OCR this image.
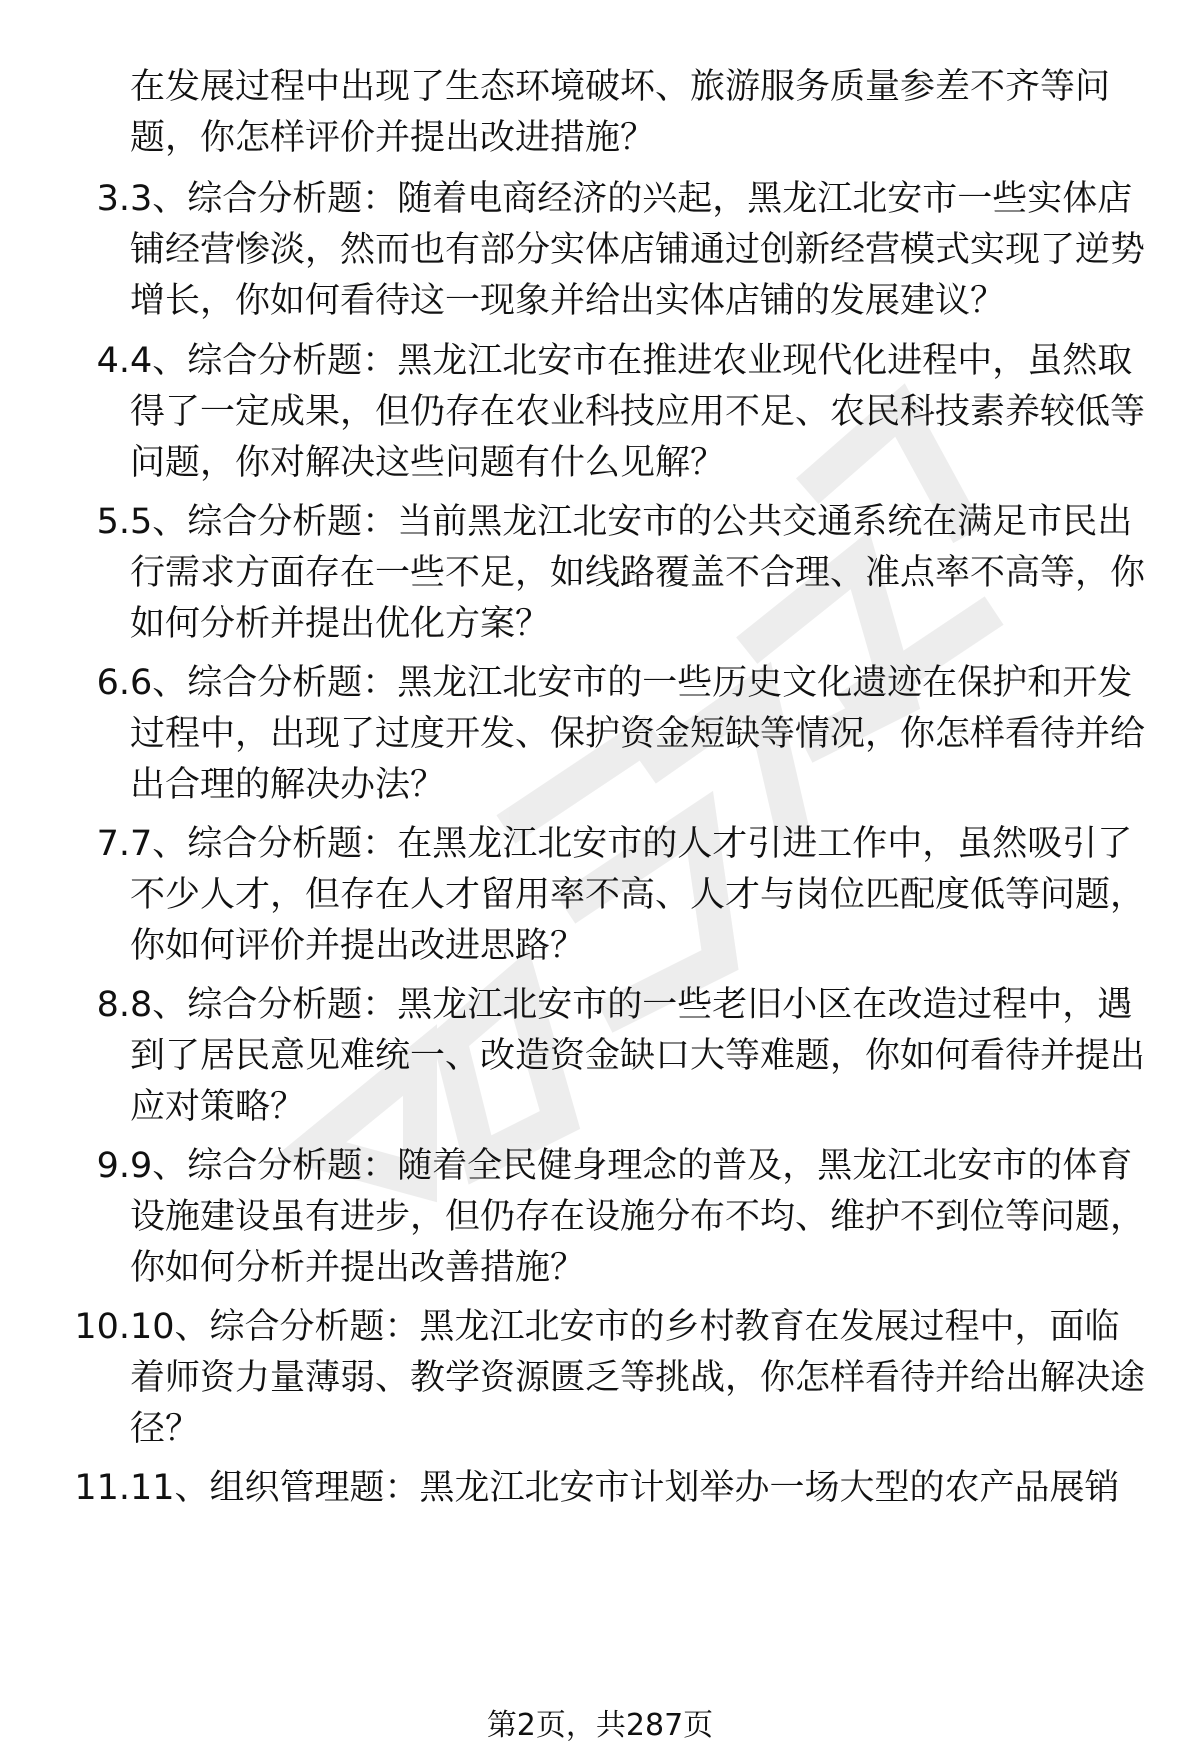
在发展过程中出现了生态环境破坏、旅游服务质量参差不齐等问题，你怎样评价并提出改进措施？
3. 3、综合分析题：随着电商经济的兴起，黑龙江北安市一些实体店铺经营惨淡，然而也有部分实体店铺通过创新经营模式实现了逆势增长，你如何看待这一现象并给出实体店铺的发展建议？
4. 4、综合分析题：黑龙江北安市在推进农业现代化进程中，虽然取得了一定成果，但仍存在农业科技应用不足、农民科技素养较低等问题，你对解决这些问题有什么见解？
5. 5、综合分析题：当前黑龙江北安市的公共交通系统在满足市民出行需求方面存在一些不足，如线路覆盖不合理、准点率不高等，你如何分析并提出优化方案？
6. 6、综合分析题：黑龙江北安市的一些历史文化遗迹在保护和开发过程中，出现了过度开发、保护资金短缺等情况，你怎样看待并给出合理的解决办法？
7. 7、综合分析题：在黑龙江北安市的人才引进工作中，虽然吸引了不少人才，但存在人才留用率不高、人才与岗位匹配度低等问题，你如何评价并提出改进思路？
8. 8、综合分析题：黑龙江北安市的一些老旧小区在改造过程中，遇到了居民意见难统一、改造资金缺口大等难题，你如何看待并提出应对策略？
9. 9、综合分析题：随着全民健身理念的普及，黑龙江北安市的体育设施建设虽有进步，但仍存在设施分布不均、维护不到位等问题，你如何分析并提出改善措施？
10. 10、综合分析题：黑龙江北安市的乡村教育在发展过程中，面临着师资力量薄弱、教学资源匮乏等挑战，你怎样看待并给出解决途径？
11. 11、组织管理题：黑龙江北安市计划举办一场大型的农产品展销
第2页，共287页
